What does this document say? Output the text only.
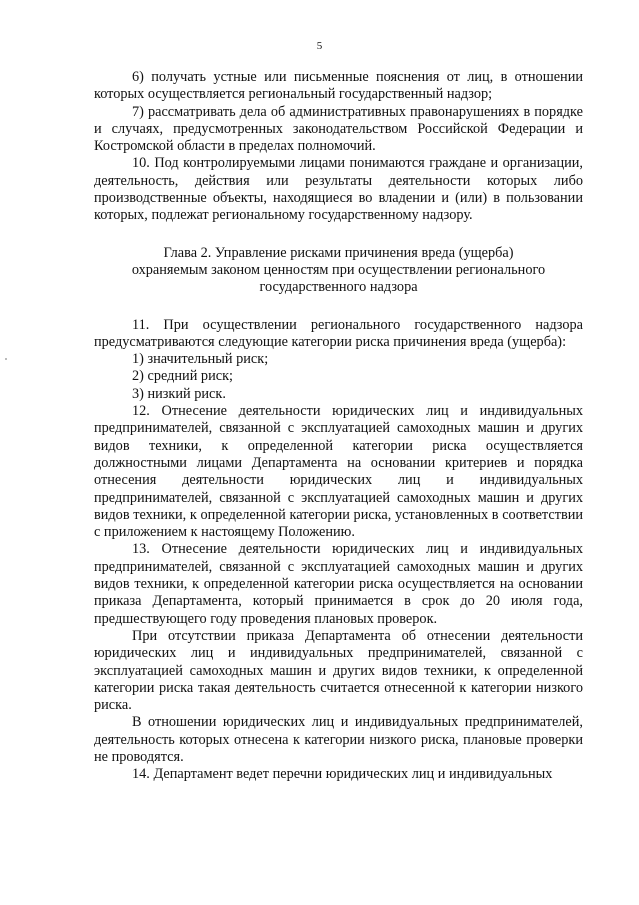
5

6) получать устные или письменные пояснения от лиц, в отношении которых осуществляется региональный государственный надзор;

7) рассматривать дела об административных правонарушениях в порядке и случаях, предусмотренных законодательством Российской Федерации и Костромской области в пределах полномочий.

10. Под контролируемыми лицами понимаются граждане и организации, деятельность, действия или результаты деятельности которых либо производственные объекты, находящиеся во владении и (или) в пользовании которых, подлежат региональному государственному надзору.

Глава 2. Управление рисками причинения вреда (ущерба)
охраняемым законом ценностям при осуществлении регионального
государственного надзора

11. При осуществлении регионального государственного надзора предусматриваются следующие категории риска причинения вреда (ущерба):

1) значительный риск;

2) средний риск;

3) низкий риск.

12. Отнесение деятельности юридических лиц и индивидуальных предпринимателей, связанной с эксплуатацией самоходных машин и других видов техники, к определенной категории риска осуществляется должностными лицами Департамента на основании критериев и порядка отнесения деятельности юридических лиц и индивидуальных предпринимателей, связанной с эксплуатацией самоходных машин и других видов техники, к определенной категории риска, установленных в соответствии с приложением к настоящему Положению.

13. Отнесение деятельности юридических лиц и индивидуальных предпринимателей, связанной с эксплуатацией самоходных машин и других видов техники, к определенной категории риска осуществляется на основании приказа Департамента, который принимается в срок до 20 июля года, предшествующего году проведения плановых проверок.

При отсутствии приказа Департамента об отнесении деятельности юридических лиц и индивидуальных предпринимателей, связанной с эксплуатацией самоходных машин и других видов техники, к определенной категории риска такая деятельность считается отнесенной к категории низкого риска.

В отношении юридических лиц и индивидуальных предпринимателей, деятельность которых отнесена к категории низкого риска, плановые проверки не проводятся.

14. Департамент ведет перечни юридических лиц и индивидуальных
